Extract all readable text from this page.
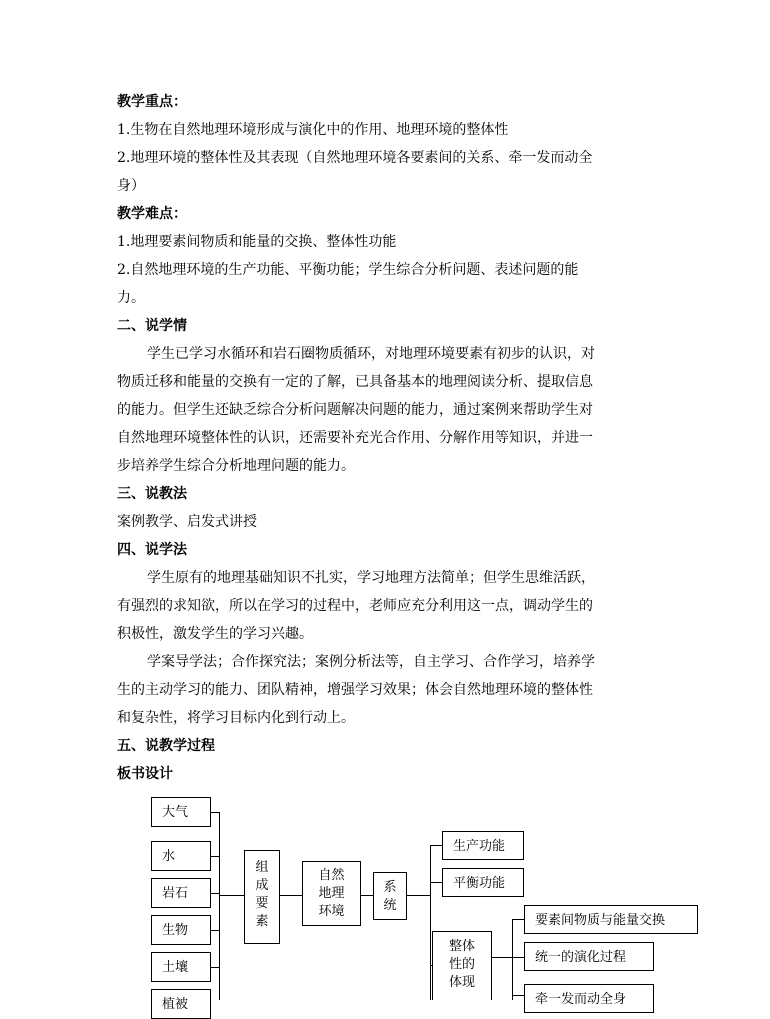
教学重点：
1.生物在自然地理环境形成与演化中的作用、地理环境的整体性
2.地理环境的整体性及其表现（自然地理环境各要素间的关系、牵一发而动全
身）
教学难点：
1.地理要素间物质和能量的交换、整体性功能
2.自然地理环境的生产功能、平衡功能；学生综合分析问题、表述问题的能
力。
二、说学情
学生已学习水循环和岩石圈物质循环，对地理环境要素有初步的认识，对
物质迁移和能量的交换有一定的了解，已具备基本的地理阅读分析、提取信息
的能力。但学生还缺乏综合分析问题解决问题的能力，通过案例来帮助学生对
自然地理环境整体性的认识，还需要补充光合作用、分解作用等知识，并进一
步培养学生综合分析地理问题的能力。
三、说教法
案例教学、启发式讲授
四、说学法
学生原有的地理基础知识不扎实，学习地理方法简单；但学生思维活跃，
有强烈的求知欲，所以在学习的过程中，老师应充分利用这一点，调动学生的
积极性，激发学生的学习兴趣。
学案导学法；合作探究法；案例分析法等，自主学习、合作学习，培养学
生的主动学习的能力、团队精神，增强学习效果；体会自然地理环境的整体性
和复杂性，将学习目标内化到行动上。
五、说教学过程
板书设计
大气
水
岩石
生物
土壤
植被
组
成
要
素
自然
地理
环境
系
统
生产功能
平衡功能
整体
性的
体现
要素间物质与能量交换
统一的演化过程
牵一发而动全身
